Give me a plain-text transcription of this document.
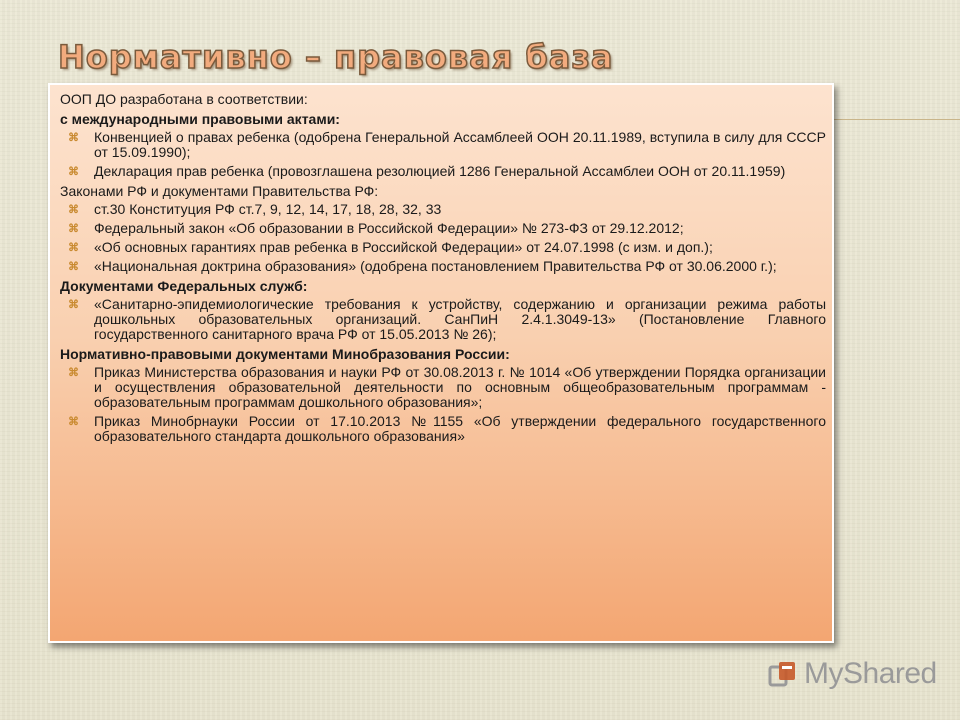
Нормативно – правовая база
ООП ДО разработана в соответствии:
с международными правовыми актами:
⌘ Конвенцией о правах ребенка (одобрена Генеральной Ассамблеей ООН 20.11.1989, вступила в силу для СССР от 15.09.1990);
⌘ Декларация прав ребенка (провозглашена резолюцией 1286 Генеральной Ассамблеи ООН от 20.11.1959)
Законами РФ и документами Правительства РФ:
⌘ ст.30 Конституция РФ ст.7, 9, 12, 14, 17, 18, 28, 32, 33
⌘ Федеральный закон «Об образовании в Российской Федерации» № 273-ФЗ от 29.12.2012;
⌘ «Об основных гарантиях прав ребенка в Российской Федерации» от 24.07.1998 (с изм. и доп.);
⌘ «Национальная доктрина образования» (одобрена постановлением Правительства РФ от 30.06.2000 г.);
Документами Федеральных служб:
⌘ «Санитарно-эпидемиологические требования к устройству, содержанию и организации режима работы дошкольных образовательных организаций. СанПиН 2.4.1.3049-13» (Постановление Главного государственного санитарного врача РФ от 15.05.2013 № 26);
Нормативно-правовыми документами Минобразования России:
⌘ Приказ Министерства образования и науки РФ от 30.08.2013 г. № 1014 «Об утверждении Порядка организации и осуществления образовательной деятельности по основным общеобразовательным программам - образовательным программам дошкольного образования»;
⌘ Приказ Минобрнауки России от 17.10.2013 №1155 «Об утверждении федерального государственного образовательного стандарта дошкольного образования»
MyShared
